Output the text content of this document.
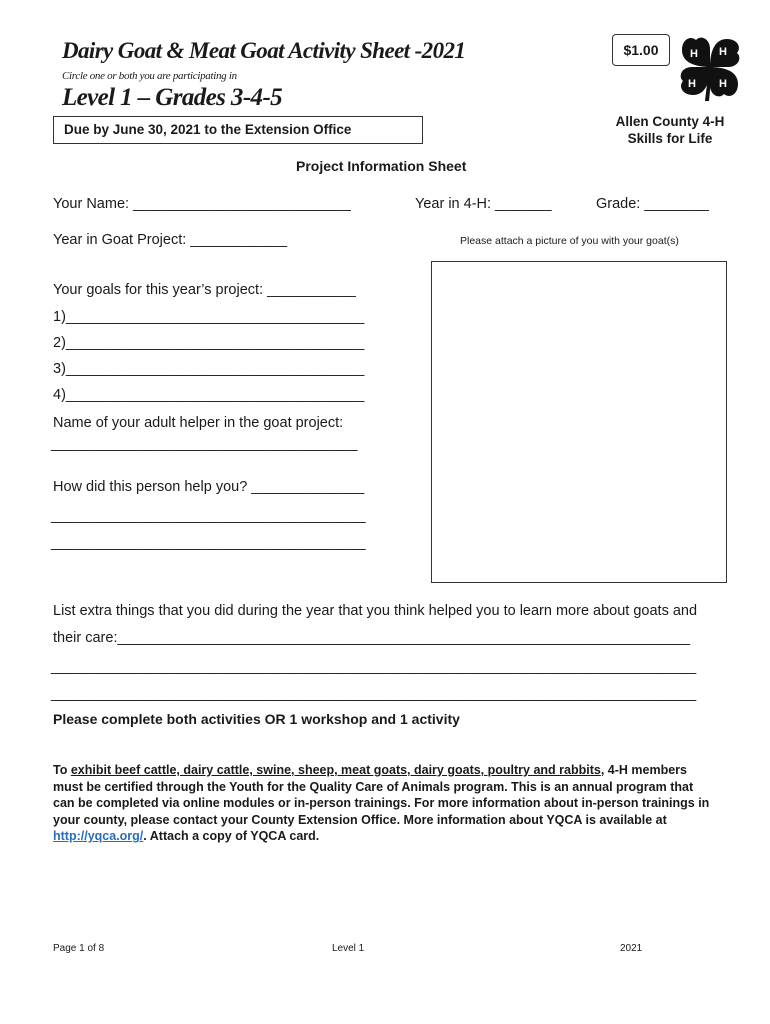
Dairy Goat & Meat Goat Activity Sheet -2021
Circle one or both you are participating in
Level 1 – Grades 3-4-5
Due by June 30, 2021 to the Extension Office
$1.00	H H
H H
Allen County 4-H
Skills for Life
Project Information Sheet
Your Name: ___________________________	Year in 4-H: _______	Grade: ________
Year in Goat Project: ____________	Please attach a picture of you with your goat(s)
Your goals for this year’s project: ___________
1)_____________________________________
2)_____________________________________
3)_____________________________________
4)_____________________________________
Name of your adult helper in the goat project:
______________________________________
How did this person help you? ______________
_______________________________________
_______________________________________
List extra things that you did during the year that you think helped you to learn more about goats and
their care:_______________________________________________________________________
________________________________________________________________________________
________________________________________________________________________________
Please complete both activities OR 1 workshop and 1 activity
To exhibit beef cattle, dairy cattle, swine, sheep, meat goats, dairy goats, poultry and rabbits, 4-H members must be certified through the Youth for the Quality Care of Animals program. This is an annual program that can be completed via online modules or in-person trainings. For more information about in-person trainings in your county, please contact your County Extension Office. More information about YQCA is available at http://yqca.org/. Attach a copy of YQCA card.
Page 1 of 8	Level 1	2021
